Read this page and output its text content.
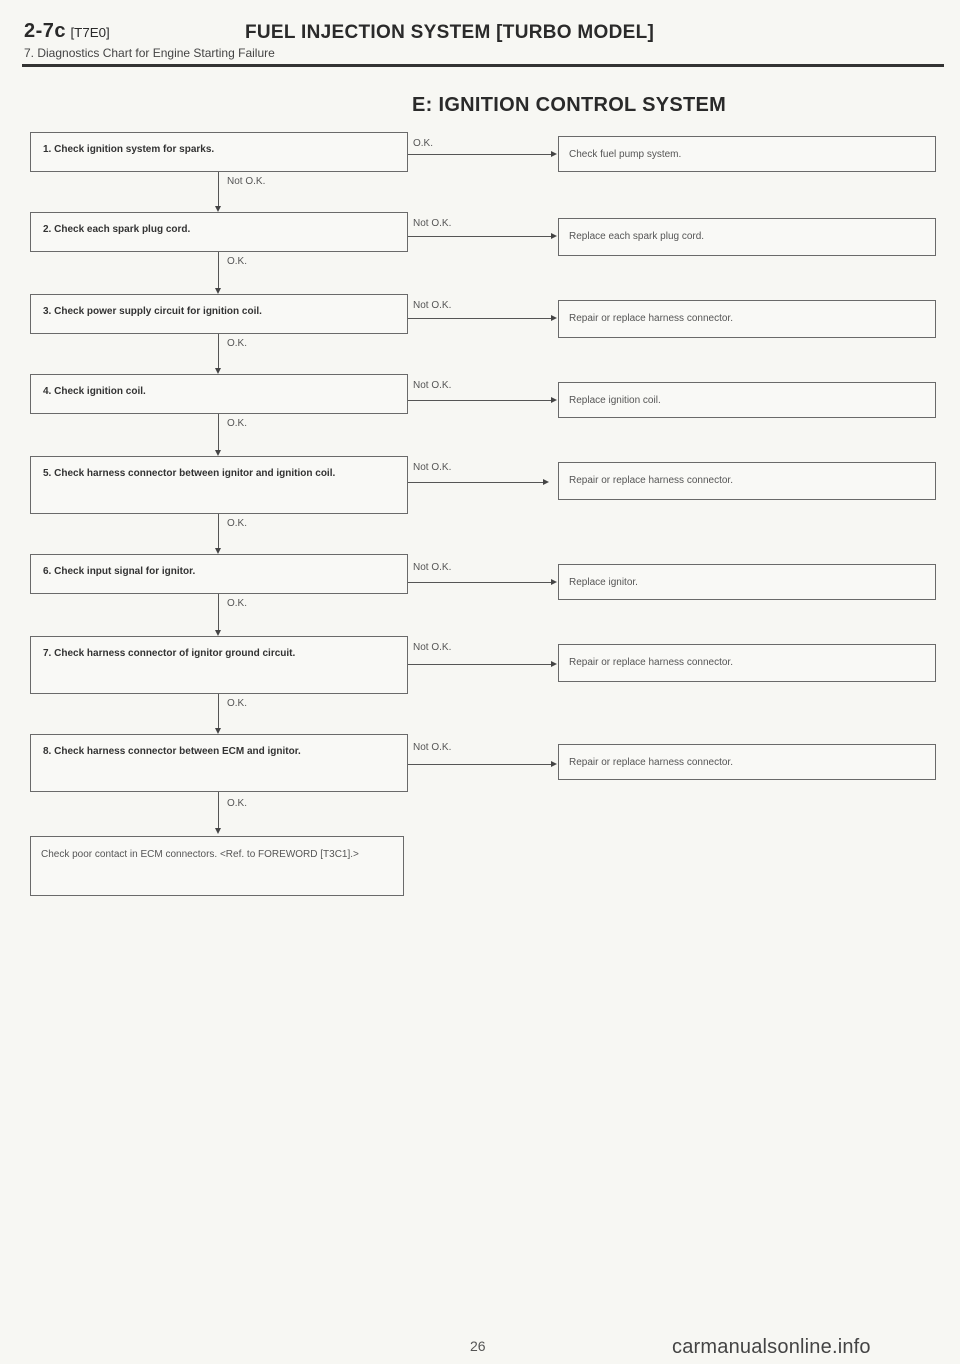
2-7c [T7E0]	FUEL INJECTION SYSTEM [TURBO MODEL]
7. Diagnostics Chart for Engine Starting Failure
E: IGNITION CONTROL SYSTEM
1. Check ignition system for sparks.
O.K.
Check fuel pump system.
Not O.K.
2. Check each spark plug cord.
Not O.K.
Replace each spark plug cord.
O.K.
3. Check power supply circuit for ignition coil.
Not O.K.
Repair or replace harness connector.
O.K.
4. Check ignition coil.
Not O.K.
Replace ignition coil.
O.K.
5. Check harness connector between ignitor and ignition coil.
Not O.K.
Repair or replace harness connector.
O.K.
6. Check input signal for ignitor.	Not O.K.
Replace ignitor.
O.K.
7. Check harness connector of ignitor ground circuit.
Not O.K.
Repair or replace harness connector.
O.K.
8. Check harness connector between ECM and ignitor.	Not O.K.
Repair or replace harness connector.
O.K.
Check poor contact in ECM connectors. <Ref. to FOREWORD [T3C1].>
26	carmanualsonline.info
